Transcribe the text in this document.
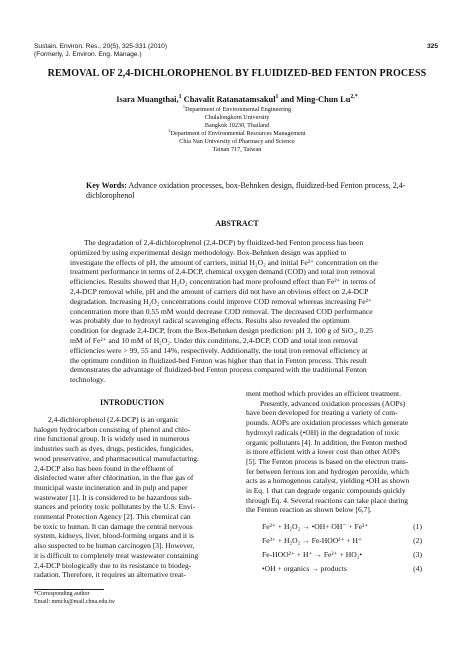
Sustain. Environ. Res., 20(5), 325-331 (2010)
(Formerly, J. Environ. Eng. Manage.)
325
REMOVAL OF 2,4-DICHLOROPHENOL BY FLUIDIZED-BED FENTON PROCESS
Isara Muangthai,$^1$ Chavalit Ratanatamsakul$^1$ and Ming-Chun $Lu^{2,*}$
$^1$Department of Environmental Engineering
Chulalongkorn University
Bangkok 10230, Thailand
$^2$Department of Environmental Resources Management
Chia Nan University of Pharmacy and Science
Tainan 717, Taiwan
Key Words: Advance oxidation processes, box-Behnken design, fluidized-bed Fenton process, 2,4-dichlorophenol
ABSTRACT
The degradation of 2,4-dichlorophenol (2,4-DCP) by fluidized-bed Fenton process has been
optimized by using experimental design methodology. Box-Behnken design was applied to
investigate the effects of pH, the amount of carriers, initial H₂O₂ and initial Fe²⁺ concentration on the
treatment performance in terms of 2,4-DCP, chemical oxygen demand (COD) and total iron removal
efficiencies. Results showed that H₂O₂ concentration had more profound effect than Fe²⁺ in terms of
2,4-DCP removal while, pH and the amount of carriers did not have an obvious effect on 2,4-DCP
degradation. Increasing H₂O₂ concentrations could improve COD removal whereas increasing Fe²⁺
concentration more than 0.55 mM would decrease COD removal. The decreased COD performance
was probably due to hydroxyl radical scavenging effects. Results also revealed the optimum
condition for degrade 2,4-DCP, from the Box-Behnken design prediction: pH 3, 100 g of SiO₂, 0.25
mM of Fe²⁺ and 10 mM of H₂O₂. Under this conditions, 2,4-DCP, COD and total iron removal
efficiencies were > 99, 55 and 14%, respectively. Additionally, the total iron removal efficiency at
the optimum condition in fluidized-bed Fenton was higher than that in Fenton process. This result
demonstrates the advantage of fluidized-bed Fenton process compared with the traditional Fenton
technology.
INTRODUCTION
2,4-dichlorophenol (2,4-DCP) is an organic
halogen hydrocarbon consisting of phenol and chlo-
rine functional group. It is widely used in numerous
industries such as dyes, drugs, pesticides, fungicides,
wood preservative, and pharmaceutical manufacturing.
2,4-DCP also has been found in the effluent of
disinfected water after chlorination, in the flue gas of
municipal waste incineration and in pulp and paper
wastewater [1]. It is considered to be hazardous sub-
stances and priority toxic pollutants by the U.S. Envi-
ronmental Protection Agency [2]. This chemical can
be toxic to human. It can damage the central nervous
system, kidneys, liver, blood-forming organs and it is
also suspected to be human carcinogen [3]. However,
it is difficult to completely treat wastewater containing
2,4-DCP biologically due to its resistance to biodeg-
radation. Therefore, it requires an alternative treat-
ment method which provides an efficient treatment.
Presently, advanced oxidation processes (AOPs)
have been developed for treating a variety of com-
pounds. AOPs are oxidation processes which generate
hydroxyl radicals (•OH) in the degradation of toxic
organic pollutants [4]. In addition, the Fenton method
is more efficient with a lower cost than other AOPs
[5]. The Fenton process is based on the electron trans-
fer between ferrous ion and hydrogen peroxide, which
acts as a homogenous catalyst, yielding •OH as shown
in Eq. 1 that can degrade organic compounds quickly
through Eq. 4. Several reactions can take place during
the Fenton reaction as shown below [6,7].
Fe²⁺ + H₂O₂ → •OH+ OH⁻ + Fe³⁺	(1)
Fe³⁺ + H₂O₂ → Fe-HOO²⁺ + H⁺	(2)
Fe-HOO²⁺ + H⁺ → Fe²⁺ + HO₂•	(3)
•OH + organics → products	(4)
*Corresponding author
Email: mmclu@mail.chna.edu.tw
